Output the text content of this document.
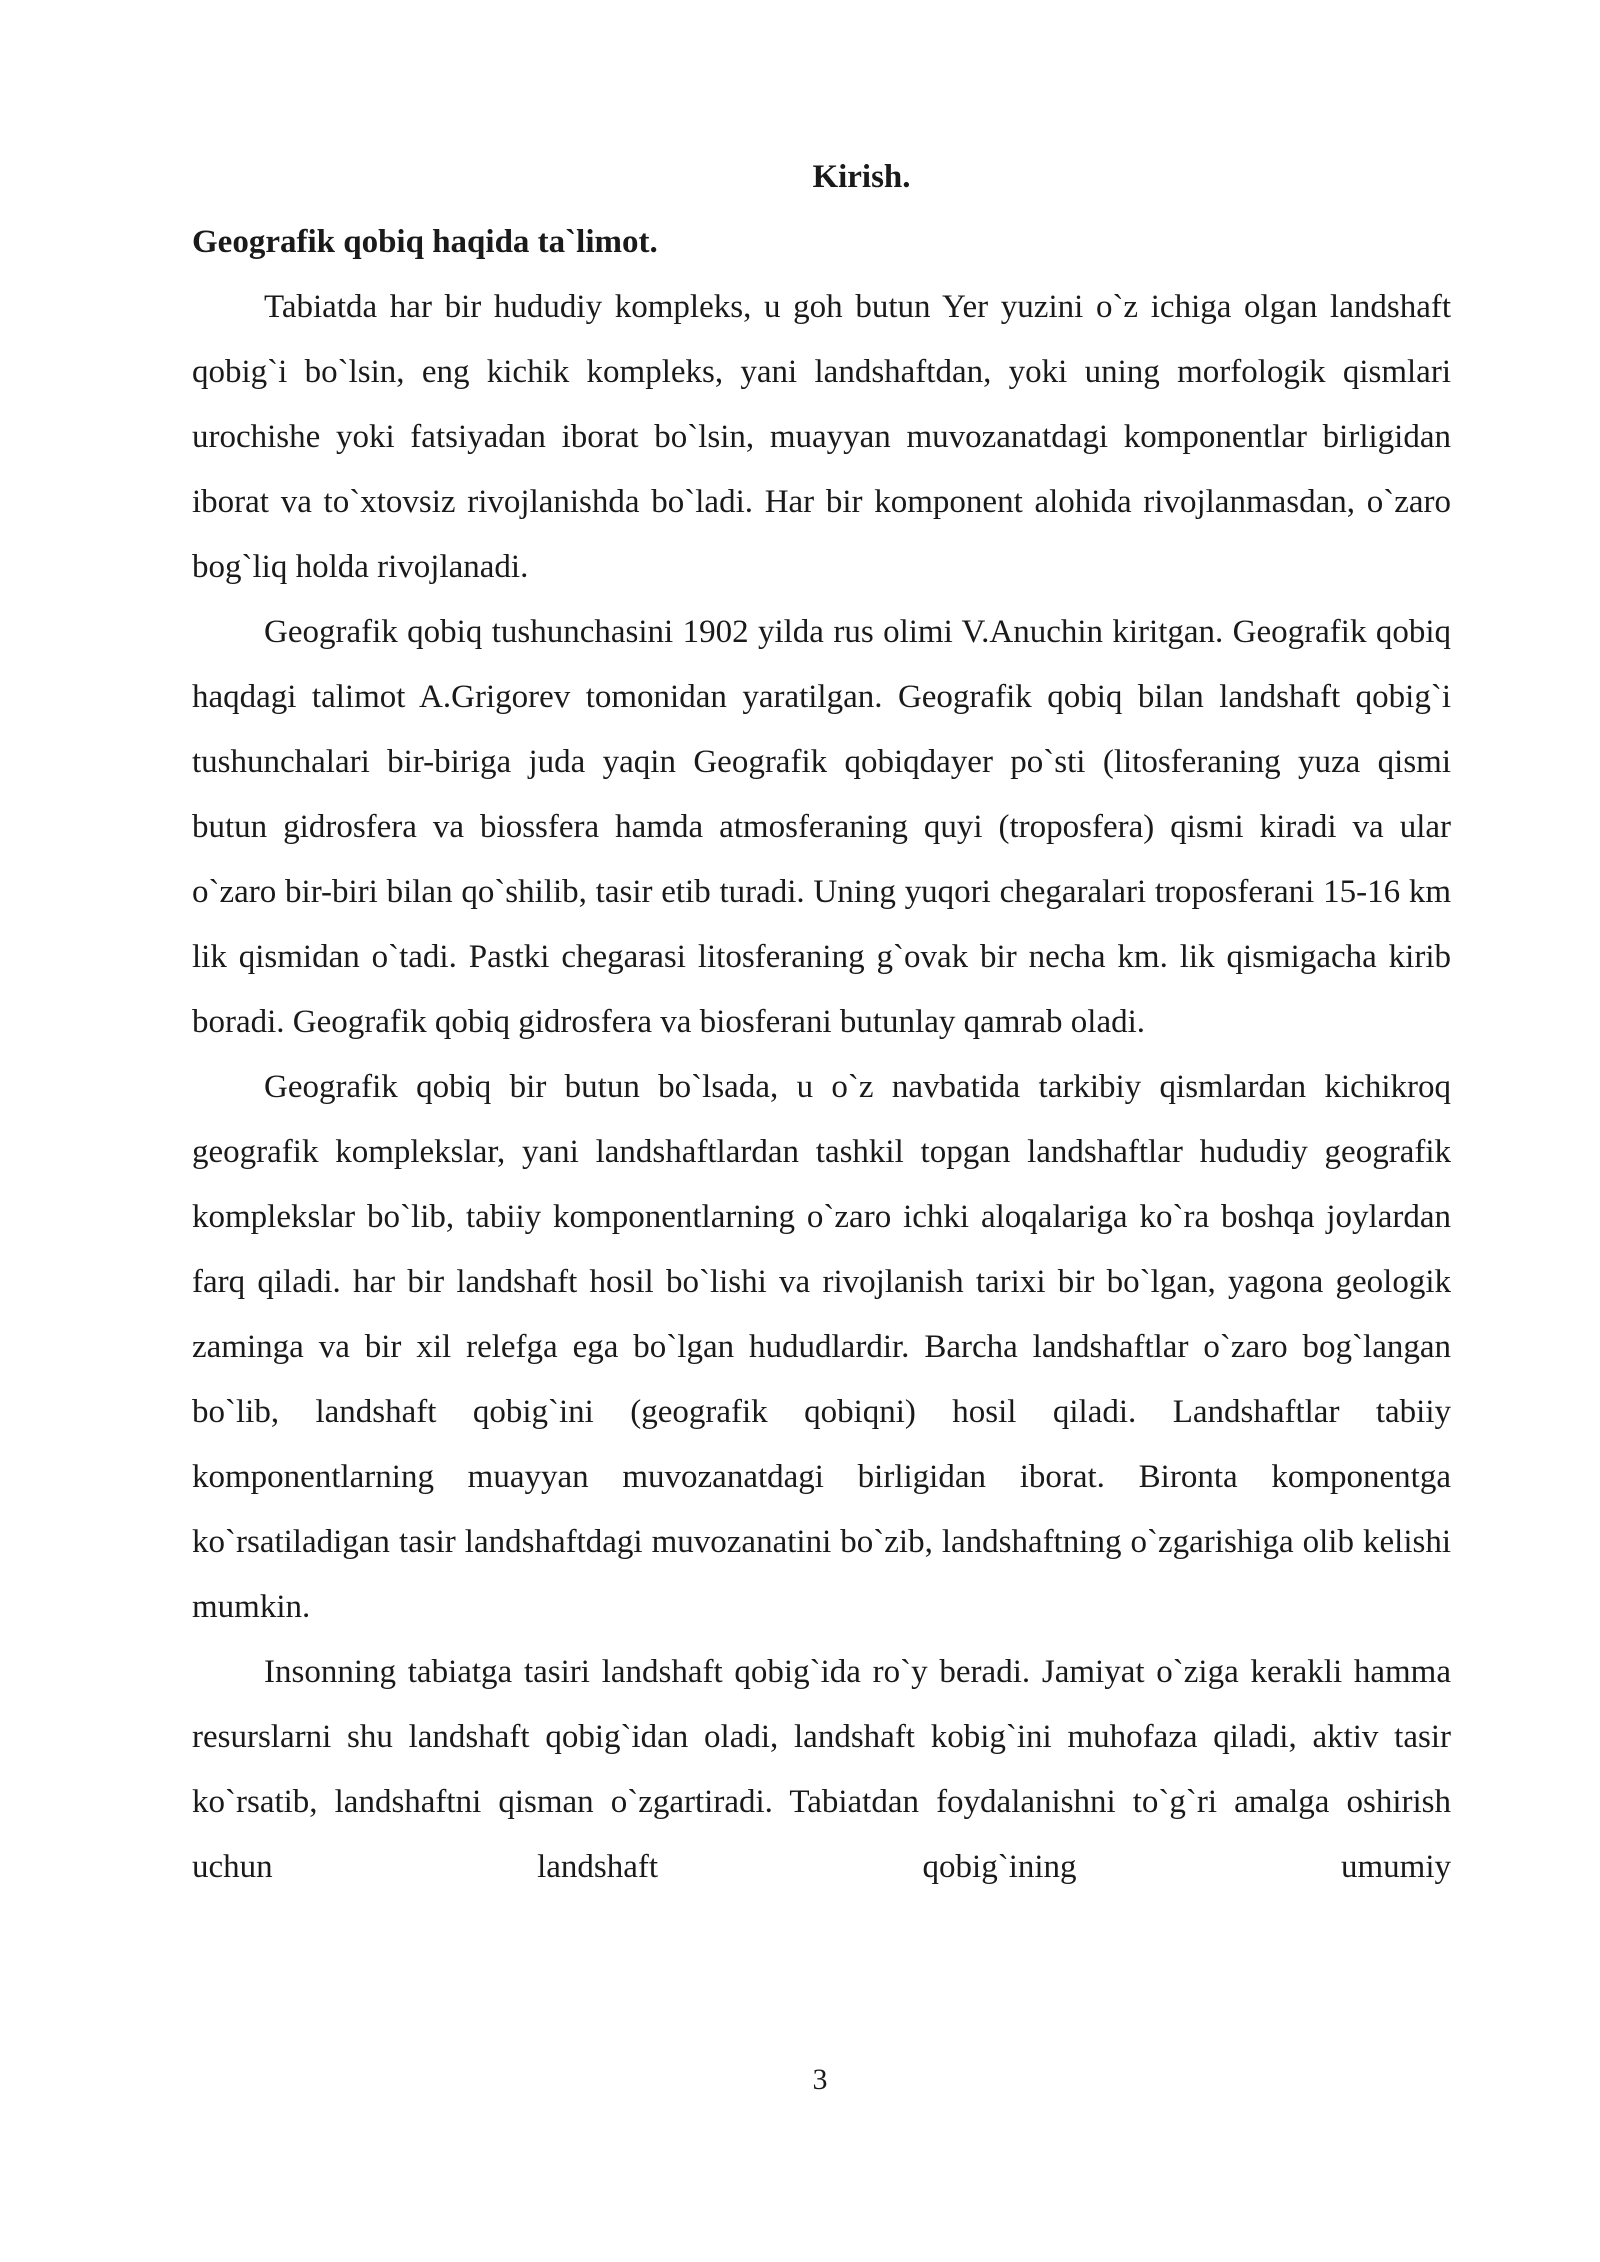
Kirish.

Geografik qobiq haqida ta`limot.

Tabiatda har bir hududiy kompleks, u goh butun Yer yuzini o`z ichiga olgan landshaft qobig`i bo`lsin, eng kichik kompleks, yani landshaftdan, yoki uning morfologik qismlari urochishe yoki fatsiyadan iborat bo`lsin, muayyan muvozanatdagi komponentlar birligidan iborat va to`xtovsiz rivojlanishda bo`ladi. Har bir komponent alohida rivojlanmasdan, o`zaro bog`liq holda rivojlanadi.

Geografik qobiq tushunchasini 1902 yilda rus olimi V.Anuchin kiritgan. Geografik qobiq haqdagi talimot A.Grigorev tomonidan yaratilgan. Geografik qobiq bilan landshaft qobig`i tushunchalari bir-biriga juda yaqin Geografik qobiqdayer po`sti (litosferaning yuza qismi butun gidrosfera va biossfera hamda atmosferaning quyi (troposfera) qismi kiradi va ular o`zaro bir-biri bilan qo`shilib, tasir etib turadi. Uning yuqori chegaralari troposferani 15-16 km lik qismidan o`tadi. Pastki chegarasi litosferaning g`ovak bir necha km. lik qismigacha kirib boradi. Geografik qobiq gidrosfera va biosferani butunlay qamrab oladi.

Geografik qobiq bir butun bo`lsada, u o`z navbatida tarkibiy qismlardan kichikroq geografik komplekslar, yani landshaftlardan tashkil topgan landshaftlar hududiy geografik komplekslar bo`lib, tabiiy komponentlarning o`zaro ichki aloqalariga ko`ra boshqa joylardan farq qiladi. har bir landshaft hosil bo`lishi va rivojlanish tarixi bir bo`lgan, yagona geologik zaminga va bir xil relefga ega bo`lgan hududlardir. Barcha landshaftlar o`zaro bog`langan bo`lib, landshaft qobig`ini (geografik qobiqni) hosil qiladi. Landshaftlar tabiiy komponentlarning muayyan muvozanatdagi birligidan iborat. Bironta komponentga ko`rsatiladigan tasir landshaftdagi muvozanatini bo`zib, landshaftning o`zgarishiga olib kelishi mumkin.

Insonning tabiatga tasiri landshaft qobig`ida ro`y beradi. Jamiyat o`ziga kerakli hamma resurslarni shu landshaft qobig`idan oladi, landshaft kobig`ini muhofaza qiladi, aktiv tasir ko`rsatib, landshaftni qisman o`zgartiradi. Tabiatdan foydalanishni to`g`ri amalga oshirish uchun landshaft qobig`ining umumiy

3
